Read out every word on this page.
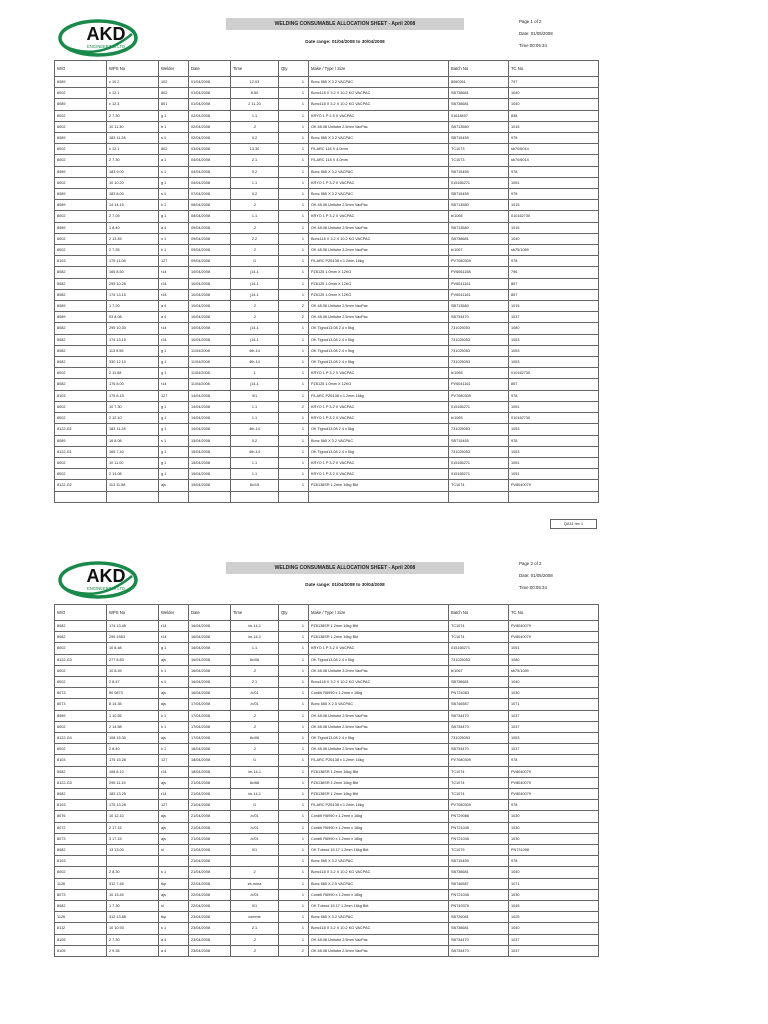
AKD
ENGINEERING LTD
WELDING CONSUMABLE ALLOCATION SHEET - April 2008
Date range: 01/04/2008 to 30/04/2008
Page 1 of 2
Date: 01/05/2008
Time:00:05:34
W/O	WPS No	Welder	Date	Time	Qty	Make / Type / Size	Batch No	TC No.
8089	c 10.2	102	01/04/2008	12.03	1	Bonc 565 X 3.2 VACPAC	8060261	797
8002	c 12.1	802	01/04/2008	8.50	1	Bonc118 X 3.2 X 10.2 KG VACPAC	SB738681	1040
8089	c 12.3	801	01/04/2008	2 11.20	1	Bonc118 X 3.2 X 10.2 KG VACPAC	SB738681	1040
8002	2 7.30	g 1	02/04/2008	1.1	1	KRYO 1 P 2.5 X VACPAC	01618497	838
8002	10 11.30	b 1	02/04/2008	.2	1	OK 48.08 Unitube 2.5mm VacPac	SB713580	1015
8089	183 11.28	s 1	02/04/2008	0.2	1	Bonc 565 X 3.2 VACPAC	SB715455	978
8002	c 12.1	802	03/04/2008	13.30	1	FILARC 118 X 4.0mm	TC1073	sb70/6014
8002	2 7.30	a 1	04/04/2008	2.1	1	FILARC 118 X 4.0mm	TC1073	sb70/6014
8089	183 9.00	s 1	04/04/2008	0.2	1	Bonc 565 X 3.2 VACPAC	SB715455	978
8002	10 10.20	g 1	04/04/2008	1.1	1	KRYO 1 P 3.2 X VACPAC	015165271	1051
8089	183 8.00	s 1	07/04/2008	0.2	1	Bonc 565 X 3.2 VACPAC	SB715455	978
8089	14 14.15	k 1	08/04/2008	.2	1	OK 48.08 Unitube 2.5mm VacPac	SB713580	1015
8002	2 7.05	g 1	08/04/2008	1.1	1	KRYO 1 P 3.2 X VACPAC	b/1065	010162730
8089	1 8.40	a 4	09/04/2008	.2	1	OK 48.08 Unitube 2.5mm VacPac	SB713580	1015
8002	2 13.45	s 1	09/04/2008	2.2	1	Bonc118 X 3.2 X 10.2 KG VACPAC	SB738681	1040
8002	2 7.35	k 1	09/04/2008	.2	1	OK 48.08 Unitube 3.2mm VacPac	b/1067	sb75/1089
8103	175 11.08	127	09/04/2008	/1	1	FILARC PZ6138 x 1.2mm 16kg	PV7080309	978
8082	165 8.50	r14	10/04/2008	j14-1	1	PZ6125 1.0mm X 12KG	PV6061158	796
8082	295 10.28	r14	10/04/2008	j14-1	1	PZ6125 1.0mm X 12KG	PV6041161	857
8082	174 13.15	r14	10/04/2008	j14-1	1	PZ6125 1.0mm X 12KG	PV6041161	857
8089	1 7.20	a 4	10/04/2008	.2	2	OK 48.08 Unitube 2.5mm VacPac	SB713580	1015
8089	93 8.08	a 4	10/04/2008	.2	2	OK 48.08 Unitube 2.5mm VacPac	SB734470	1037
8082	295 10.30	r14	10/04/2008	j14-1	1	OK Tigrod13.08 2.4 x 5kg	731025053	1080
8082	174 13.15	r14	10/04/2008	j14-1	1	OK Tigrod13.08 2.4 x 5kg	731025053	1053
8082	113 9.55	g 1	11/04/2008	4th-14	1	OK Tigrod13.08 2.4 x 5kg	731025053	1053
8082	330 12.10	g 1	11/04/2008	4th-14	1	OK Tigrod13.08 2.4 x 5kg	731025053	1053
8002	2 11.08	g 1	11/04/2008	1	1	KRYO 1 P 3.2 X VACPAC	b/1065	010162730
8082	176 8.00	r14	11/04/2008	j14-1	1	PZ6125 1.0mm X 12KG	PV6041161	857
8103	175 8.15	127	14/04/2008	/t/1	1	FILARC PZ6138 x 1.2mm 16kg	PV7080309	978
8002	10 7.30	g 1	14/04/2008	1.1	2	KRYO 1 P 3.2 X VACPAC	015165271	1051
8002	2 12.10	g 1	14/04/2008	1.1	1	KRYO 1 P 3.2 X VACPAC	b/1065	010162730
8122-G1	183 11.28	g 1	14/04/2008	4th-14	1	OK Tigrod13.08 2.4 x 5kg	731025053	1053
8089	16 8.08	s 1	15/04/2008	0.2	1	Bonc 565 X 3.2 VACPAC	SB715455	978
8122-G1	165 7.40	g 1	15/04/2008	4th-14	1	OK Tigrod13.08 2.4 x 5kg	731025053	1053
8002	10 11.00	g 1	15/04/2008	1.1	1	KRYO 1 P 3.2 X VACPAC	015165271	1051
8002	2 14.08	g 1	15/04/2008	1.1	1	KRYO 1 P 3.2 X VACPAC	015165271	1051
8122-G2	113 11.58	ajs	15/04/2008	8c/15	1	PZ6138SR 1.2mm 16kg Bkt	TC1074	PV8040079

QA31 rev 1
AKD
ENGINEERING LTD
WELDING CONSUMABLE ALLOCATION SHEET - April 2008
Date range: 01/04/2008 to 30/04/2008
Page 2 of 2
Date: 01/05/2008
Time:00:05:34
W/O	WPS No	Welder	Date	Time	Qty	Make / Type / Size	Batch No	TC No.
8082	174 13.45	r14	16/04/2008	/m.14-1	1	PZ6138SR 1.2mm 16kg Bkt	TC1074	PV8040079
8082	295 1583	r14	16/04/2008	/m.14-1	1	PZ6138SR 1.2mm 16kg Bkt	TC1074	PV8040079
8002	10 8.48	g 1	16/04/2008	1.1	1	KRYO 1 P 3.2 X VACPAC	015165271	1051
8122-G3	277 8.83	ajs	16/04/2008	8c/06	1	OK Tigrod13.08 2.4 x 5kg	731025053	1080
8002	10 8.49	k 1	16/04/2008	.2	1	OK 48.08 Unitube 3.2mm VacPac	b/1067	sb75/1089
8002	2 8.47	s 1	16/04/2008	2.1	1	Bonc118 X 3.2 X 10.2 KG VACPAC	SB738681	1040
8073	90 0873	ajs	16/04/2008	/c/01	1	CorditI R6990 x 1.2mm x 16kg	PN724083	1030
8073	8 14.35	ajs	17/04/2008	/c/01	1	Bonc 665 X 2.5 VACPAC	SB746587	1071
8089	1 10.55	k 1	17/04/2008	.2	1	OK 48.08 Unitube 2.5mm VacPac	SB734470	1037
8002	2 14.58	k 1	17/04/2008	.2	1	OK 48.08 Unitube 2.5mm VacPac	SB734470	1037
8122-G4	108 15.30	ajs	17/04/2008	8c/06	1	OK Tigrod13.08 2.4 x 5kg	731025053	1053
8002	2 8.40	k 1	18/04/2008	.2	1	OK 48.08 Unitube 2.5mm VacPac	SB734470	1037
8103	175 15.28	127	18/04/2008	/1	1	FILARC PZ6138 x 1.2mm 16kg	PV7080309	978
8082	108 8.10	r14	18/04/2008	/m.14-1	1	PZ6138SR 1.2mm 16kg Bkt	TC1074	PV8040079
8122-G3	295 11.15	ajs	21/04/2008	8c/68	1	PZ6138SR 1.2mm 16kg Bkt	TC1074	PV8040079
8082	183 13.25	r14	21/04/2008	/m.14-1	1	PZ6138SR 1.2mm 16kg Bkt	TC1074	PV8040079
8103	175 13.28	127	21/04/2008	/1	1	FILARC PZ6138 x 1.2mm 16kg	PV7080309	978
8076	10 12.10	ajs	21/04/2008	/c/01	1	CorditI R6990 x 1.2mm x 16kg	PN729086	1030
8072	2 17.15	ajs	21/04/2008	/c/01	1	CorditI R6990 x 1.2mm x 16kg	PN721045	1030
8073	3 17.15	ajs	21/04/2008	/c/01	1	CorditI R6990 x 1.2mm x 16kg	PN721045	1030
8082	13 13.00	sl	21/04/2008	0/1	1	OK Tubrod 15.17 1.2mm 16kg Bkt	TC1079	PN731098
8103			21/04/2008		1	Bonc 565 X 3.2 VACPAC	SB715455	978
8002	2 8.30	s 1	21/04/2008	2	1	Bonc118 X 3.2 X 10.2 KG VACPAC	SB738681	1040
1126	312 7.45	tkp	22/04/2008	ze-mma	1	Bonc 665 X 2.5 VACPAC	SB746587	1071
8073	10 13.45	ajs	22/04/2008	/c/01	1	CorditI R6990 x 1.2mm x 16kg	PN721045	1030
8082	1 7.30	sl	22/04/2008	0/1	1	OK Tubrod 15.17 1.2mm 16kg Bkt	PN749376	1045
1126	312 13.88	tkp	23/04/2008	comme	1	Bonc 665 X 3.2 VACPAC	SB726081	1025
8112	10 10.93	s 1	23/04/2008	2.1	1	Bonc118 X 3.2 X 10.2 KG VACPAC	SB738681	1040
8105	2 7.30	a 4	23/04/2008	.2	1	OK 48.08 Unitube 2.5mm VacPac	SB734470	1037
8105	2 9.35	a 4	23/04/2008	.2	2	OK 48.08 Unitube 2.5mm VacPac	SB734470	1037
